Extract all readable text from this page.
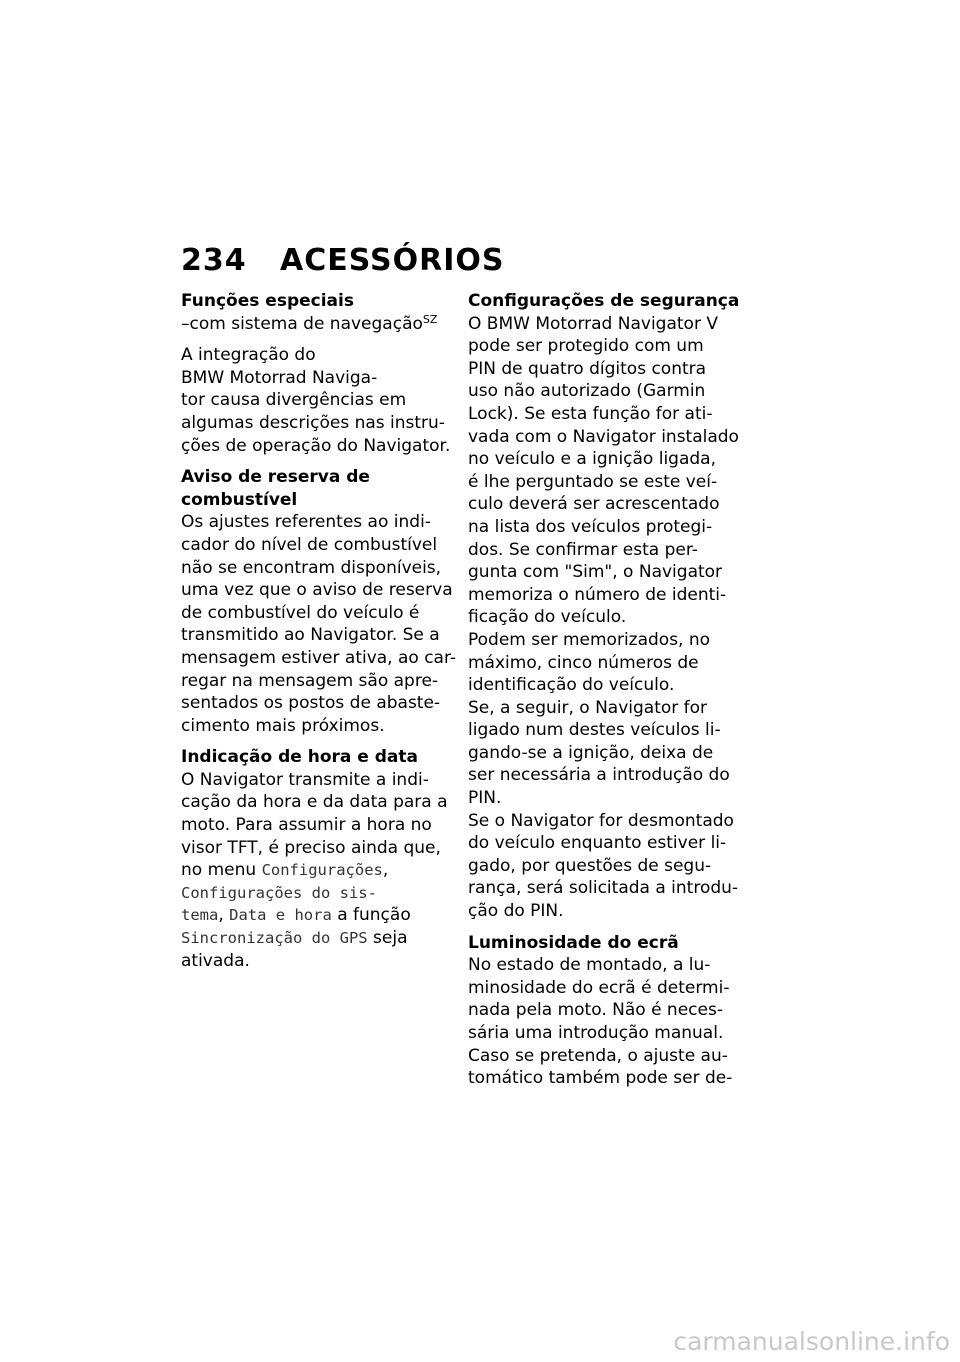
234 ACESSÓRIOS

Funções especiais

–com sistema de navegação$^{SZ}$

A integração do

BMW Motorrad Naviga-

tor causa divergências em

algumas descrições nas instru-

ções de operação do Navigator.

Aviso de reserva de

combustível

Os ajustes referentes ao indi-

cador do nível de combustível

não se encontram disponíveis,

uma vez que o aviso de reserva

de combustível do veículo é

transmitido ao Navigator. Se a

mensagem estiver ativa, ao car-

regar na mensagem são apre-

sentados os postos de abaste-

cimento mais próximos.

Indicação de hora e data

O Navigator transmite a indi-

cação da hora e da data para a

moto. Para assumir a hora no

visor TFT, é preciso ainda que,

no menu Configurações,

Configurações do sis-

tema, Data e hora a função

Sincronização do GPS seja

ativada.

Configurações de segurança

O BMW Motorrad Navigator V

pode ser protegido com um

PIN de quatro dígitos contra

uso não autorizado (Garmin

Lock). Se esta função for ati-

vada com o Navigator instalado

no veículo e a ignição ligada,

é lhe perguntado se este veí-

culo deverá ser acrescentado

na lista dos veículos protegi-

dos. Se confirmar esta per-

gunta com "Sim", o Navigator

memoriza o número de identi-

ficação do veículo.

Podem ser memorizados, no

máximo, cinco números de

identificação do veículo.

Se, a seguir, o Navigator for

ligado num destes veículos li-

gando-se a ignição, deixa de

ser necessária a introdução do

PIN.

Se o Navigator for desmontado

do veículo enquanto estiver li-

gado, por questões de segu-

rança, será solicitada a introdu-

ção do PIN.

Luminosidade do ecrã

No estado de montado, a lu-

minosidade do ecrã é determi-

nada pela moto. Não é neces-

sária uma introdução manual.

Caso se pretenda, o ajuste au-

tomático também pode ser de-

carmanualsonline.info
